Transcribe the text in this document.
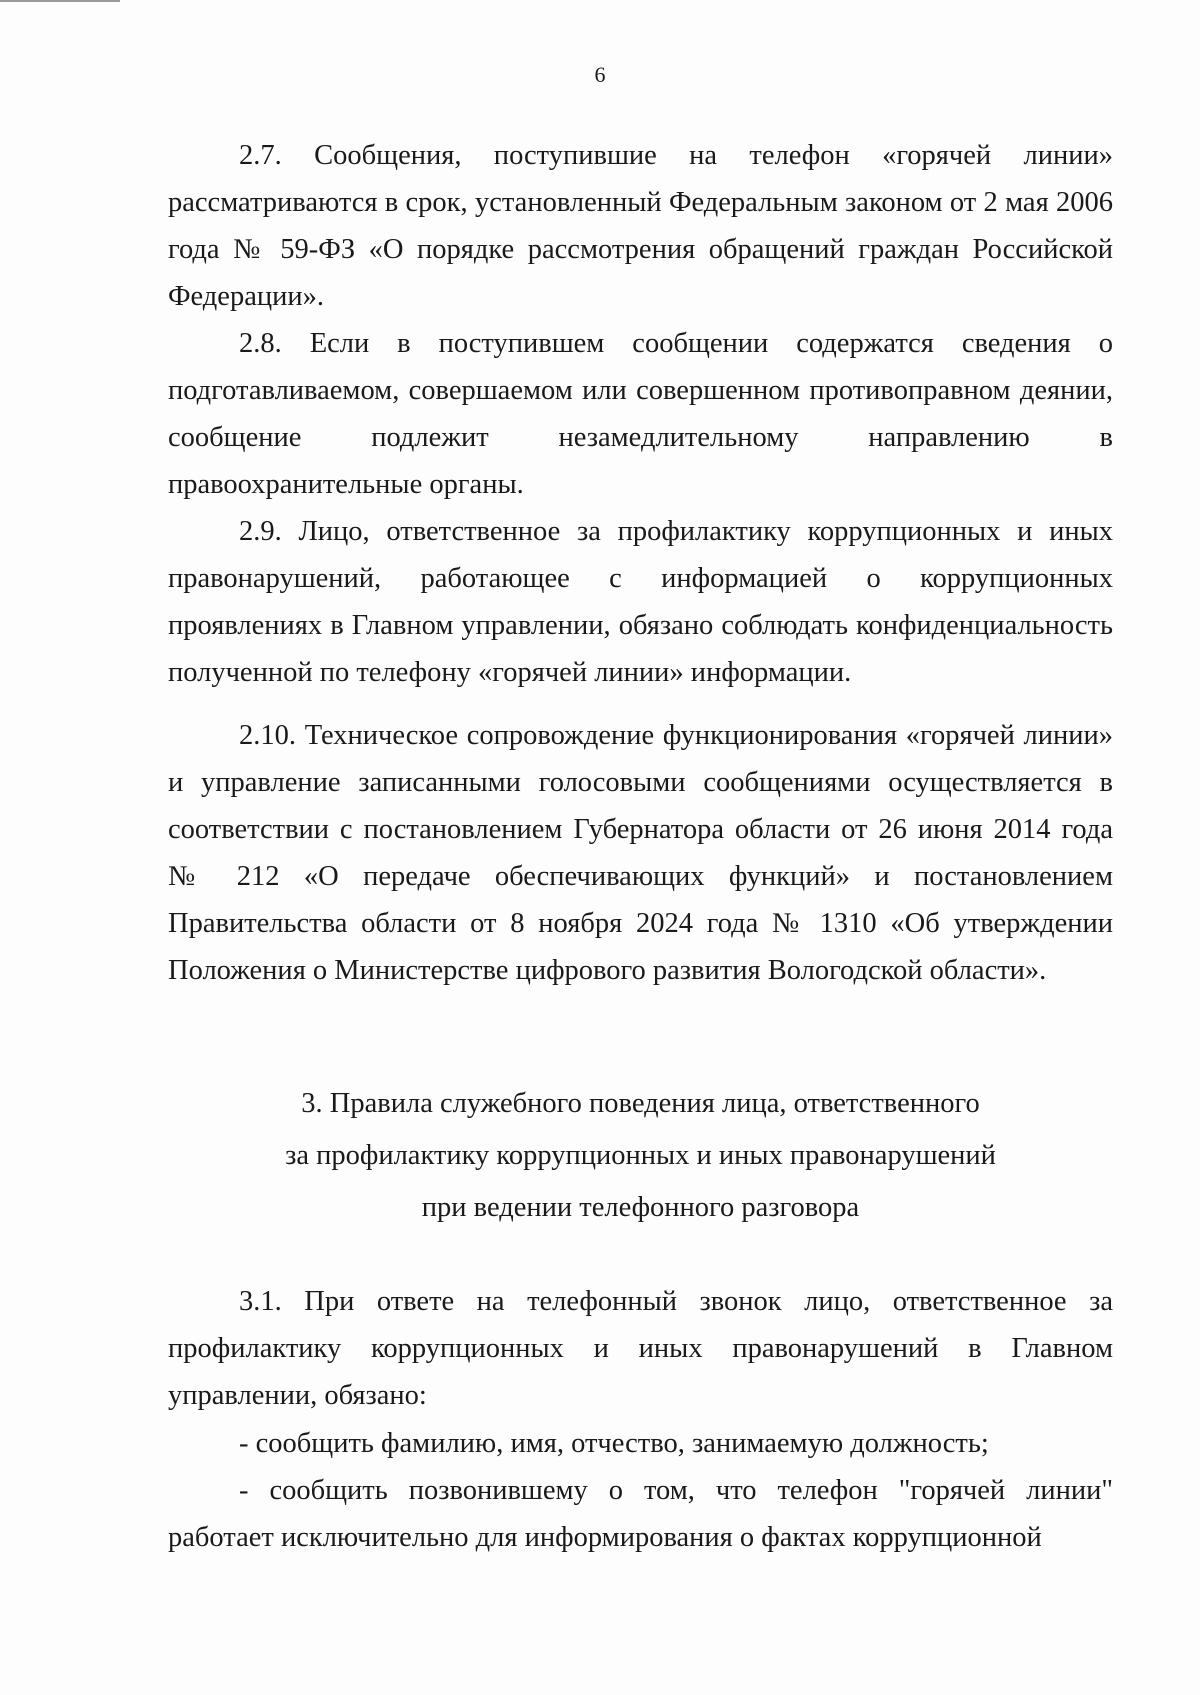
6

2.7. Сообщения, поступившие на телефон «горячей линии» рассматриваются в срок, установленный Федеральным законом от 2 мая 2006 года № 59-ФЗ «О порядке рассмотрения обращений граждан Российской Федерации».

2.8. Если в поступившем сообщении содержатся сведения о подготавливаемом, совершаемом или совершенном противоправном деянии, сообщение подлежит незамедлительному направлению в правоохранительные органы.

2.9. Лицо, ответственное за профилактику коррупционных и иных правонарушений, работающее с информацией о коррупционных проявлениях в Главном управлении, обязано соблюдать конфиденциальность полученной по телефону «горячей линии» информации.

2.10. Техническое сопровождение функционирования «горячей линии» и управление записанными голосовыми сообщениями осуществляется в соответствии с постановлением Губернатора области от 26 июня 2014 года № 212 «О передаче обеспечивающих функций» и постановлением Правительства области от 8 ноября 2024 года № 1310 «Об утверждении Положения о Министерстве цифрового развития Вологодской области».

3. Правила служебного поведения лица, ответственного
за профилактику коррупционных и иных правонарушений
при ведении телефонного разговора

3.1. При ответе на телефонный звонок лицо, ответственное за профилактику коррупционных и иных правонарушений в Главном управлении, обязано:

- сообщить фамилию, имя, отчество, занимаемую должность;

- сообщить позвонившему о том, что телефон "горячей линии" работает исключительно для информирования о фактах коррупционной
